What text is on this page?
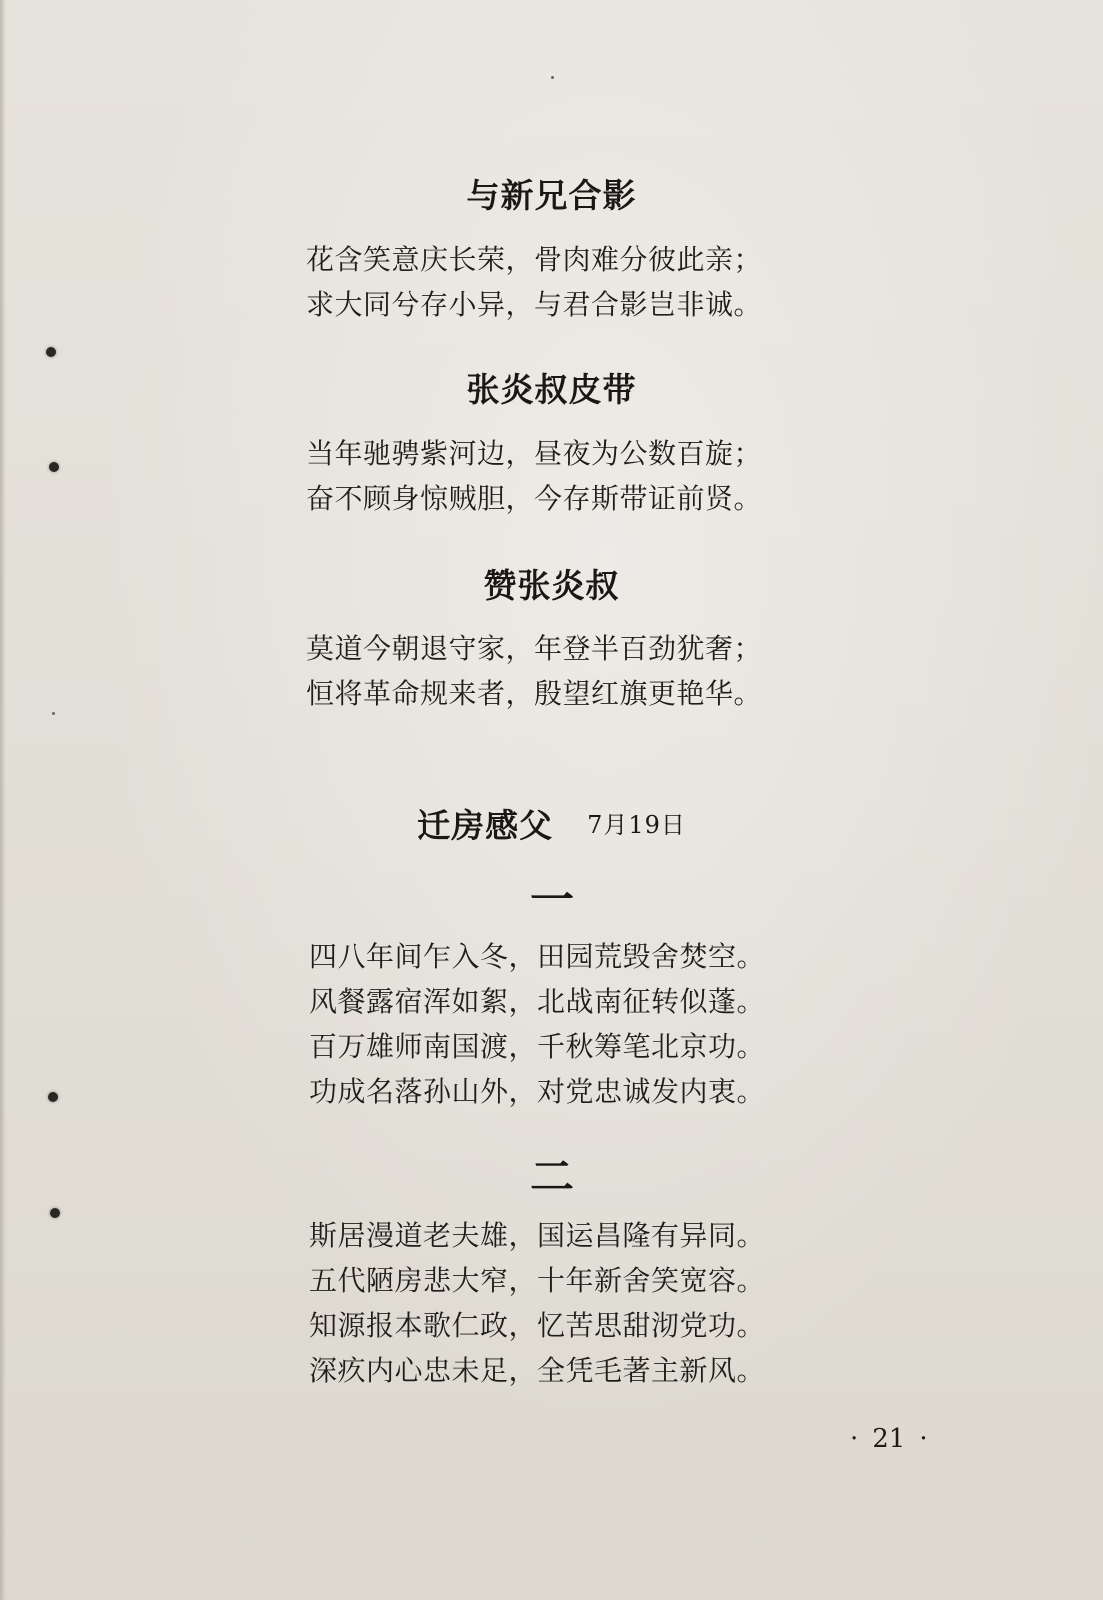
与新兄合影
花含笑意庆长荣，骨肉难分彼此亲；
求大同兮存小异，与君合影岂非诚。
张炎叔皮带
当年驰骋紫河边，昼夜为公数百旋；
奋不顾身惊贼胆，今存斯带证前贤。
赞张炎叔
莫道今朝退守家，年登半百劲犹奢；
恒将革命规来者，殷望红旗更艳华。
迁房感父 7月19日
一
四八年间乍入冬，田园荒毁舍焚空。
风餐露宿浑如絮，北战南征转似蓬。
百万雄师南国渡，千秋筹笔北京功。
功成名落孙山外，对党忠诚发内衷。
二
斯居漫道老夫雄，国运昌隆有异同。
五代陋房悲大窄，十年新舍笑宽容。
知源报本歌仁政，忆苦思甜沏党功。
深疚内心忠未足，全凭毛著主新风。
· 21 ·
